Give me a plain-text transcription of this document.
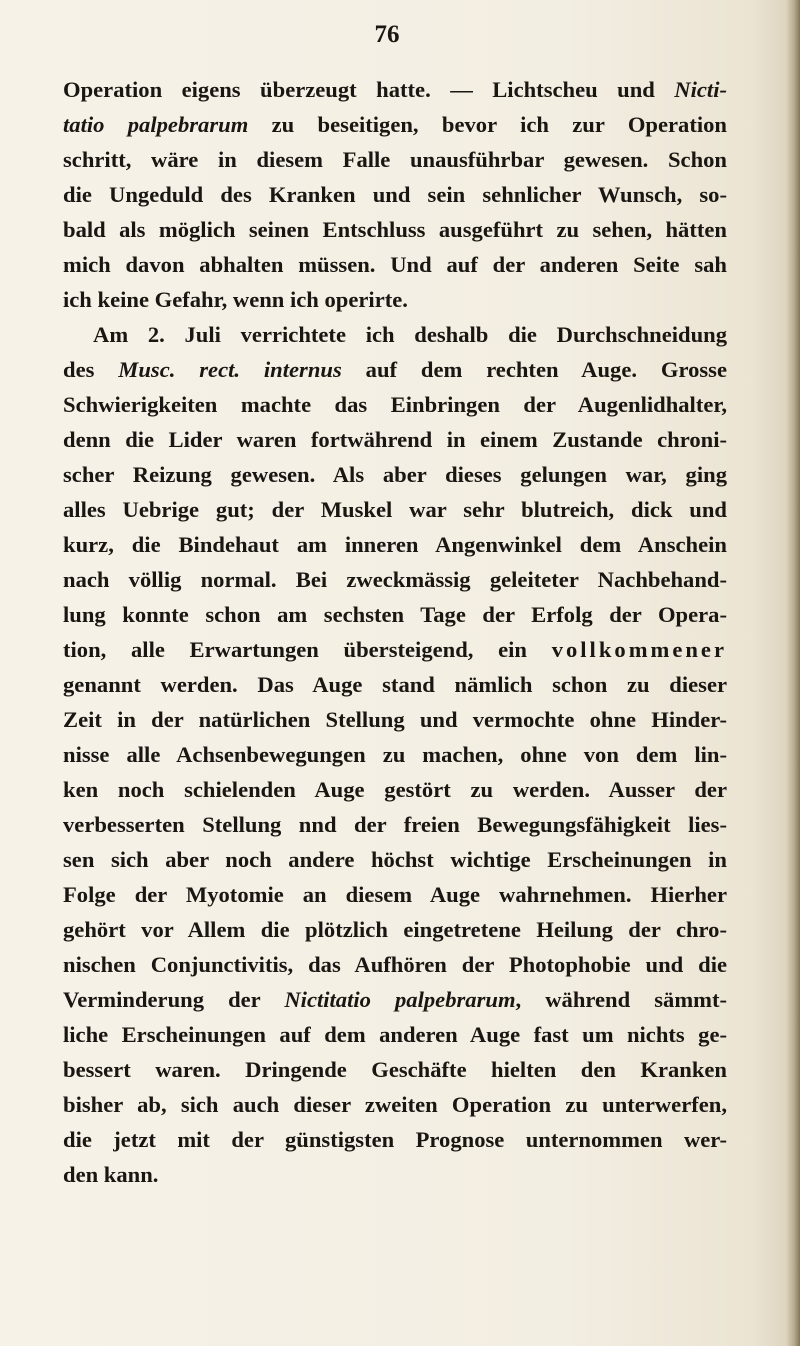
76

Operation eigens überzeugt hatte. — Lichtscheu und Nicti-
tatio palpebrarum zu beseitigen, bevor ich zur Operation
schritt, wäre in diesem Falle unausführbar gewesen. Schon
die Ungeduld des Kranken und sein sehnlicher Wunsch, so-
bald als möglich seinen Entschluss ausgeführt zu sehen, hätten
mich davon abhalten müssen. Und auf der anderen Seite sah
ich keine Gefahr, wenn ich operirte.
Am 2. Juli verrichtete ich deshalb die Durchschneidung
des Musc. rect. internus auf dem rechten Auge. Grosse
Schwierigkeiten machte das Einbringen der Augenlidhalter,
denn die Lider waren fortwährend in einem Zustande chroni-
scher Reizung gewesen. Als aber dieses gelungen war, ging
alles Uebrige gut; der Muskel war sehr blutreich, dick und
kurz, die Bindehaut am inneren Angenwinkel dem Anschein
nach völlig normal. Bei zweckmässig geleiteter Nachbehand-
lung konnte schon am sechsten Tage der Erfolg der Opera-
tion, alle Erwartungen übersteigend, ein vollkommener
genannt werden. Das Auge stand nämlich schon zu dieser
Zeit in der natürlichen Stellung und vermochte ohne Hinder-
nisse alle Achsenbewegungen zu machen, ohne von dem lin-
ken noch schielenden Auge gestört zu werden. Ausser der
verbesserten Stellung nnd der freien Bewegungsfähigkeit lies-
sen sich aber noch andere höchst wichtige Erscheinungen in
Folge der Myotomie an diesem Auge wahrnehmen. Hierher
gehört vor Allem die plötzlich eingetretene Heilung der chro-
nischen Conjunctivitis, das Aufhören der Photophobie und die
Verminderung der Nictitatio palpebrarum, während sämmt-
liche Erscheinungen auf dem anderen Auge fast um nichts ge-
bessert waren. Dringende Geschäfte hielten den Kranken
bisher ab, sich auch dieser zweiten Operation zu unterwerfen,
die jetzt mit der günstigsten Prognose unternommen wer-
den kann.
